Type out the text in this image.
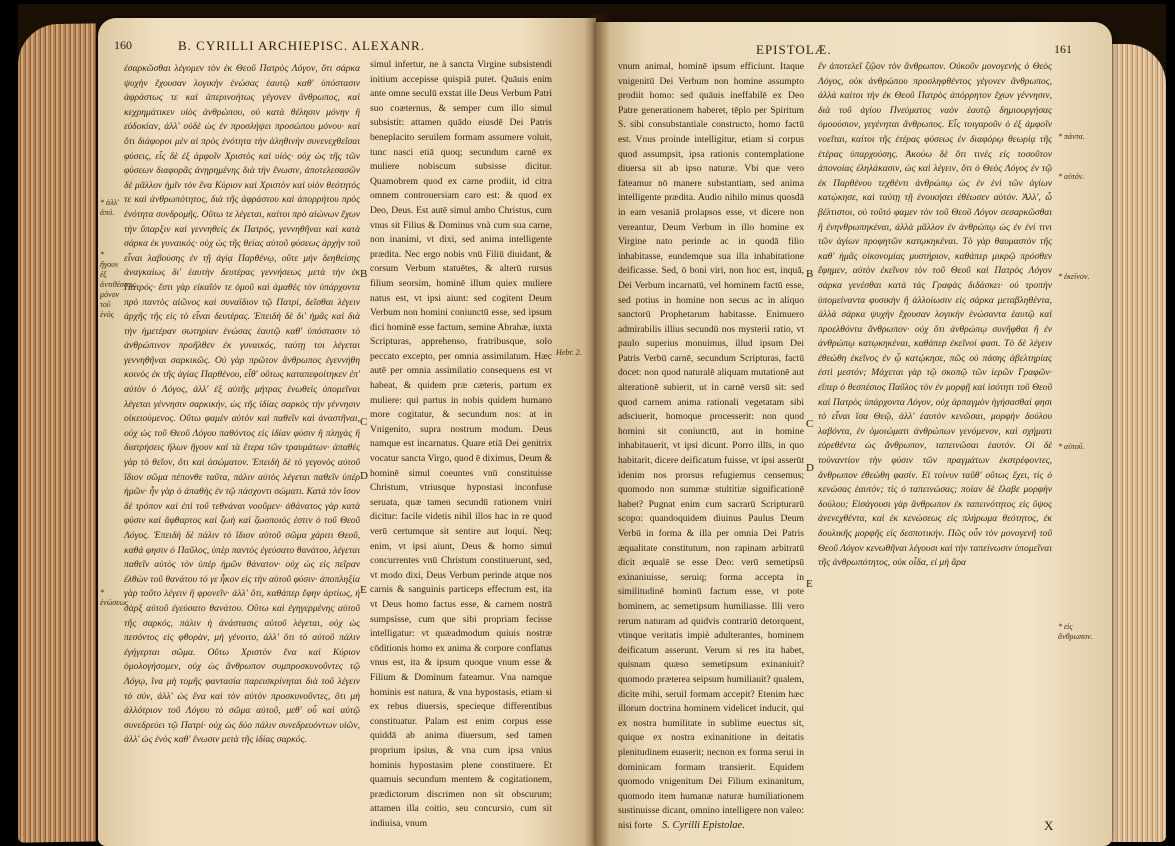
160	B. CYRILLI ARCHIEPISC. ALEXANR.
ἐσαρκῶσθαι λέγομεν τὸν ἐκ Θεοῦ Πατρὸς Λόγον, ὅτι σάρκα ψυχὴν ἔχουσαν λογικὴν ἑνώσας ἑαυτῷ καθ' ὑπόστασιν ἀφράστως τε καὶ ἀπερινοήτως γέγονεν ἄνθρωπος, καὶ κεχρημάτικεν υἱὸς ἀνθρώπου, οὐ κατὰ θέλησιν μόνην ἢ εὐδοκίαν, ἀλλ' οὐδὲ ὡς ἐν προσλήψει προσώπου μόνου· καὶ ὅτι διάφοροι μὲν αἱ πρὸς ἑνότητα τὴν ἀληθινὴν συνενεχθεῖσαι φύσεις, εἷς δὲ ἐξ ἀμφοῖν Χριστὸς καὶ υἱός· οὐχ ὡς τῆς τῶν φύσεων διαφορᾶς ἀνῃρημένης διὰ τὴν ἕνωσιν, ἀποτελεσασῶν δὲ μᾶλλον ἡμῖν τὸν ἕνα Κύριον καὶ Χριστὸν καὶ υἱὸν θεότητός τε καὶ ἀνθρωπότητος, διὰ τῆς ἀφράστου καὶ ἀπορρήτου πρὸς ἑνότητα συνδρομῆς. Οὕτω τε λέγεται, καίτοι πρὸ αἰώνων ἔχων τὴν ὕπαρξιν καὶ γεννηθεὶς ἐκ Πατρός, γεννηθῆναι καὶ κατὰ σάρκα ἐκ γυναικός· οὐχ ὡς τῆς θείας αὐτοῦ φύσεως ἀρχὴν τοῦ εἶναι λαβούσης ἐν τῇ ἁγίᾳ Παρθένῳ, οὔτε μὴν δεηθείσης ἀναγκαίως δι' ἑαυτὴν δευτέρας γεννήσεως μετὰ τὴν ἐκ Πατρός· ἔστι γὰρ εἰκαῖόν τε ὁμοῦ καὶ ἀμαθὲς τὸν ὑπάρχοντα πρὸ παντὸς αἰῶνος καὶ συναΐδιον τῷ Πατρί, δεῖσθαι λέγειν ἀρχῆς τῆς εἰς τὸ εἶναι δευτέρας. Ἐπειδὴ δὲ δι' ἡμᾶς καὶ διὰ τὴν ἡμετέραν σωτηρίαν ἑνώσας ἑαυτῷ καθ' ὑπόστασιν τὸ ἀνθρώπινον προῆλθεν ἐκ γυναικός, ταύτῃ τοι λέγεται γεννηθῆναι σαρκικῶς. Οὐ γὰρ πρῶτον ἄνθρωπος ἐγεννήθη κοινὸς ἐκ τῆς ἁγίας Παρθένου, εἶθ' οὕτως καταπεφοίτηκεν ἐπ' αὐτὸν ὁ Λόγος, ἀλλ' ἐξ αὐτῆς μήτρας ἑνωθεὶς ὑπομεῖναι λέγεται γέννησιν σαρκικήν, ὡς τῆς ἰδίας σαρκὸς τὴν γέννησιν οἰκειούμενος. Οὕτω φαμὲν αὐτὸν καὶ παθεῖν καὶ ἀναστῆναι, οὐχ ὡς τοῦ Θεοῦ Λόγου παθόντος εἰς ἰδίαν φύσιν ἢ πληγὰς ἢ διατρήσεις ἥλων ἤγουν καὶ τὰ ἕτερα τῶν τραυμάτων· ἀπαθὲς γὰρ τὸ θεῖον, ὅτι καὶ ἀσώματον. Ἐπειδὴ δὲ τὸ γεγονὸς αὐτοῦ ἴδιον σῶμα πέπονθε ταῦτα, πάλιν αὐτὸς λέγεται παθεῖν ὑπὲρ ἡμῶν· ἦν γὰρ ὁ ἀπαθὴς ἐν τῷ πάσχοντι σώματι. Κατὰ τὸν ἴσον δὲ τρόπον καὶ ἐπὶ τοῦ τεθνάναι νοοῦμεν· ἀθάνατος γὰρ κατὰ φύσιν καὶ ἄφθαρτος καὶ ζωὴ καὶ ζωοποιός ἐστιν ὁ τοῦ Θεοῦ Λόγος. Ἐπειδὴ δὲ πάλιν τὸ ἴδιον αὐτοῦ σῶμα χάριτι Θεοῦ, καθά φησιν ὁ Παῦλος, ὑπὲρ παντὸς ἐγεύσατο θανάτου, λέγεται παθεῖν αὐτὸς τὸν ὑπὲρ ἡμῶν θάνατον· οὐχ ὡς εἰς πεῖραν ἐλθὼν τοῦ θανάτου τό γε ἧκον εἰς τὴν αὐτοῦ φύσιν· ἀποπληξία γὰρ τοῦτο λέγειν ἢ φρονεῖν· ἀλλ' ὅτι, καθάπερ ἔφην ἀρτίως, ἡ σὰρξ αὐτοῦ ἐγεύσατο θανάτου. Οὕτω καὶ ἐγηγερμένης αὐτοῦ τῆς σαρκός, πάλιν ἡ ἀνάστασις αὐτοῦ λέγεται, οὐχ ὡς πεσόντος εἰς φθορὰν, μὴ γένοιτο, ἀλλ' ὅτι τὸ αὐτοῦ πάλιν ἐγήγερται σῶμα. Οὕτω Χριστὸν ἕνα καὶ Κύριον ὁμολογήσομεν, οὐχ ὡς ἄνθρωπον συμπροσκυνοῦντες τῷ Λόγῳ, ἵνα μὴ τομῆς φαντασία παρεισκρίνηται διὰ τοῦ λέγειν τὸ σύν, ἀλλ' ὡς ἕνα καὶ τὸν αὐτὸν προσκυνοῦντες, ὅτι μὴ ἀλλότριον τοῦ Λόγου τὸ σῶμα αὐτοῦ, μεθ' οὗ καὶ αὐτῷ συνεδρεύει τῷ Πατρί· οὐχ ὡς δύο πάλιν συνεδρευόντων υἱῶν, ἀλλ' ὡς ἑνὸς καθ' ἕνωσιν μετὰ τῆς ἰδίας σαρκός.
simul infertur, ne à sancta Virgine subsistendi initium accepisse quispiā putet. Quāuis enim ante omne seculū exstat ille Deus Verbum Patri suo coæternus, & semper cum illo simul subsistit: attamen quādo eiusdē Dei Patris beneplacito seruilem formam assumere voluit, tunc nasci etiā quoq; secundum carnē ex muliere nobiscum subsisse dicitur. Quamobrem quod ex carne prodiit, id citra omnem controuersiam caro est: & quod ex Deo, Deus. Est autē simul ambo Christus, cum vnus sit Filius & Dominus vnà cum sua carne, non inanimi, vt dixi, sed anima intelligente prædita. Nec ergo nobis vnū Filiū diuidant, & corsum Verbum statuētes, & alterū rursus filium seorsim, hominē illum quiex muliere natus est, vt ipsi aiunt: sed cogitent Deum Verbum non homini coniunctū esse, sed ipsum dici hominē esse factum, semine Abrahæ, iuxta Scripturas, apprehenso, fratribusque, solo peccato excepto, per omnia assimilatum. Hæc autē per omnia assimilatio consequens est vt habeat, & quidem præ cæteris, partum ex muliere: qui partus in nobis quidem humano more cogitatur, & secundum nos: at in Vnigenito, supra nostrum modum. Deus namque est incarnatus. Quare etiā Dei genitrix vocatur sancta Virgo, quod ē diximus, Deum & hominē simul coeuntes vnū constituisse Christum, vtriusque hypostasi inconfuse seruata, quæ tamen secundū rationem vniri dicitur: facile videtis nihil illos hac in re quod verū certumque sit sentire aut loqui. Neq; enim, vt ipsi aiunt, Deus & homo simul concurrentes vnū Christum constituerunt, sed, vt modo dixi, Deus Verbum perinde atque nos carnis & sanguinis particeps effectum est, ita vt Deus homo factus esse, & carnem nostrā sumpsisse, cum que sibi propriam fecisse intelligatur: vt quæadmodum quiuis nostræ cōditionis homo ex anima & corpore conflatus vnus est, ita & ipsum quoque vnum esse & Filium & Dominum fateamur. Vna namque hominis est natura, & vna hypostasis, etiam si ex rebus diuersis, specieque differentibus constituatur. Palam est enim corpus esse quiddā ab anima diuersum, sed tamen proprium ipsius, & vna cum ipsa vnius hominis hypostasim plene constituere. Et quamuis secundum mentem & cogitationem, prædictorum discrimen non sit obscurum; attamen illa coitio, seu concursio, cum sit indiuisa, vnum
* ἀλλ' ἀπό.
* ἤγουν ἐξ ἀντιθέσεως μόνον τοῦ ἑνὸς
* ἐνώσεως
B
C
D
E
Hebr. 2.
EPISTOLÆ.	161
vnum animal, hominē ipsum efficiunt. Itaque vnigenitū Dei Verbum non homine assumpto prodiit homo: sed quāuis ineffabilē ex Deo Patre generationem haberet, tēplo per Spiritum S. sibi consubstantiale constructo, homo factū est. Vnus proinde intelligitur, etiam si corpus quod assumpsit, ipsa rationis contemplatione diuersa sit ab ipso naturæ. Vbi que vero fateamur nō manere substantiam, sed anima intelligente prædita. Audio nihilo minus quosdā in eam vesaniā prolapsos esse, vt dicere non vereantur, Deum Verbum in illo homine ex Virgine nato perinde ac in quodā filio inhabitasse, eundemque sua illa inhabitatione deificasse. Sed, ō boni viri, non hoc est, inquā, Dei Verbum incarnatū, vel hominem factū esse, sed potius in homine non secus ac in aliquo sanctorū Prophetarum habitasse. Enimuero admirabilis illius secundū nos mysterii ratio, vt paulo superius monuimus, illud ipsum Dei Patris Verbū carnē, secundum Scripturas, factū docet: non quod naturalē aliquam mutationē aut alterationē subierit, ut in carnē versū sit: sed quod carnem anima rationali vegetatam sibi adsciuerit, homoque processerit: non quod homini sit coniunctū, aut in homine inhabitauerit, vt ipsi dicunt. Porro illīs, in quo habitarit, dicere deificatum fuisse, vt ipsi asserūt idenim nos prorsus refugiemus censemus; quomodo non summæ stultitiæ significationē habet? Pugnat enim cum sacrarū Scripturarū scopo: quandoquidem diuinus Paulus Deum Verbū in forma & illa per omnia Dei Patris æqualitate constitutum, non rapinam arbitratū dicit æqualē se esse Deo: verū semetipsū exinaniuisse, seruiq; forma accepta in similitudinē hominū factum esse, vt pote hominem, ac semetipsum humiliasse. Illi vero rerum naturam ad quidvis contrariū detorquent, vtinque veritatis impiè adulterantes, hominem deificatum asserunt. Verum si res ita habet, quisnam quæso semetipsum exinaniuit? quomodo præterea seipsum humiliauit? qualem, dicite mihi, seruil formam accepit? Etenim hæc illorum doctrina hominem videlicet inducit, qui ex nostra humilitate in sublime euectus sit, quique ex nostra exinanitione in deitatis plenitudinem euaserit; necnon ex forma serui in dominicam formam transierit. Equidem quomodo vnigenitum Dei Filium exinanitum, quomodo item humanæ naturæ humiliationem sustinuisse dicant, omnino intelligere non valeo: nisi forte
ἕν ἀποτελεῖ ζῷον τὸν ἄνθρωπον. Οὐκοῦν μονογενὴς ὁ Θεὸς Λόγος, οὐκ ἀνθρώπου προσληφθέντος γέγονεν ἄνθρωπος, ἀλλὰ καίτοι τὴν ἐκ Θεοῦ Πατρὸς ἀπόρρητον ἔχων γέννησιν, διὰ τοῦ ἁγίου Πνεύματος ναὸν ἑαυτῷ δημιουργήσας ὁμοούσιον, γεγένηται ἄνθρωπος. Εἷς τοιγαροῦν ὁ ἐξ ἀμφοῖν νοεῖται, καίτοι τῆς ἑτέρας φύσεως ἐν διαφόρῳ θεωρίᾳ τῆς ἑτέρας ὑπαρχούσης. Ἀκούω δὲ ὅτι τινὲς εἰς τοσοῦτον ἀπονοίας ἐληλάκασιν, ὡς καὶ λέγειν, ὅτι ὁ Θεὸς Λόγος ἐν τῷ ἐκ Παρθένου τεχθέντι ἀνθρώπῳ ὡς ἐν ἑνὶ τῶν ἁγίων κατῴκησε, καὶ ταύτῃ τῇ ἐνοικήσει ἐθέωσεν αὐτόν. Ἀλλ', ὦ βέλτιστοι, οὐ τοῦτό φαμεν τὸν τοῦ Θεοῦ Λόγον σεσαρκῶσθαι ἢ ἐνηνθρωπηκέναι, ἀλλὰ μᾶλλον ἐν ἀνθρώπῳ ὡς ἐν ἑνί τινι τῶν ἁγίων προφητῶν κατῳκηκέναι. Τὸ γὰρ θαυμαστὸν τῆς καθ' ἡμᾶς οἰκονομίας μυστήριον, καθάπερ μικρῷ πρόσθεν ἔφημεν, αὐτὸν ἐκεῖνον τὸν τοῦ Θεοῦ καὶ Πατρὸς Λόγον σάρκα γενέσθαι κατὰ τὰς Γραφὰς διδάσκει· οὐ τροπὴν ὑπομείναντα φυσικὴν ἢ ἀλλοίωσιν εἰς σάρκα μεταβληθέντα, ἀλλὰ σάρκα ψυχὴν ἔχουσαν λογικὴν ἑνώσαντα ἑαυτῷ καὶ προελθόντα ἄνθρωπον· οὐχ ὅτι ἀνθρώπῳ συνῆφθαι ἢ ἐν ἀνθρώπῳ κατῳκηκέναι, καθάπερ ἐκεῖνοί φασι. Τὸ δὲ λέγειν ἐθεώθη ἐκεῖνος ἐν ᾧ κατῴκησε, πῶς οὐ πάσης ἀβελτηρίας ἐστὶ μεστόν; Μάχεται γὰρ τῷ σκοπῷ τῶν ἱερῶν Γραφῶν· εἴπερ ὁ θεσπέσιος Παῦλος τὸν ἐν μορφῇ καὶ ἰσότητι τοῦ Θεοῦ καὶ Πατρὸς ὑπάρχοντα Λόγον, οὐχ ἁρπαγμὸν ἡγήσασθαί φησι τὸ εἶναι ἴσα Θεῷ, ἀλλ' ἑαυτὸν κενῶσαι, μορφὴν δούλου λαβόντα, ἐν ὁμοιώματι ἀνθρώπων γενόμενον, καὶ σχήματι εὑρεθέντα ὡς ἄνθρωπον, ταπεινῶσαι ἑαυτόν. Οἱ δὲ τοὐναντίον τὴν φύσιν τῶν πραγμάτων ἐκστρέφοντες, ἄνθρωπον ἐθεώθη φασίν. Εἰ τοίνυν ταῦθ' οὕτως ἔχει, τίς ὁ κενώσας ἑαυτόν; τίς ὁ ταπεινώσας; ποίαν δὲ ἔλαβε μορφὴν δούλου; Εἰσάγουσι γὰρ ἄνθρωπον ἐκ ταπεινότητος εἰς ὕψος ἀνενεχθέντα, καὶ ἐκ κενώσεως εἰς πλήρωμα θεότητος, ἐκ δουλικῆς μορφῆς εἰς δεσποτικήν. Πῶς οὖν τὸν μονογενῆ τοῦ Θεοῦ Λόγον κενωθῆναι λέγουσι καὶ τὴν ταπείνωσιν ὑπομεῖναι τῆς ἀνθρωπότητος, οὐκ οἶδα, εἰ μὴ ἄρα
B
C
D
E
* πάντα.
* αὐτόν.
* ἐκεῖνον.
* αὐτοῦ.
* εἰς ἄνθρωπον.
S. Cyrilli Epistolae.	X
